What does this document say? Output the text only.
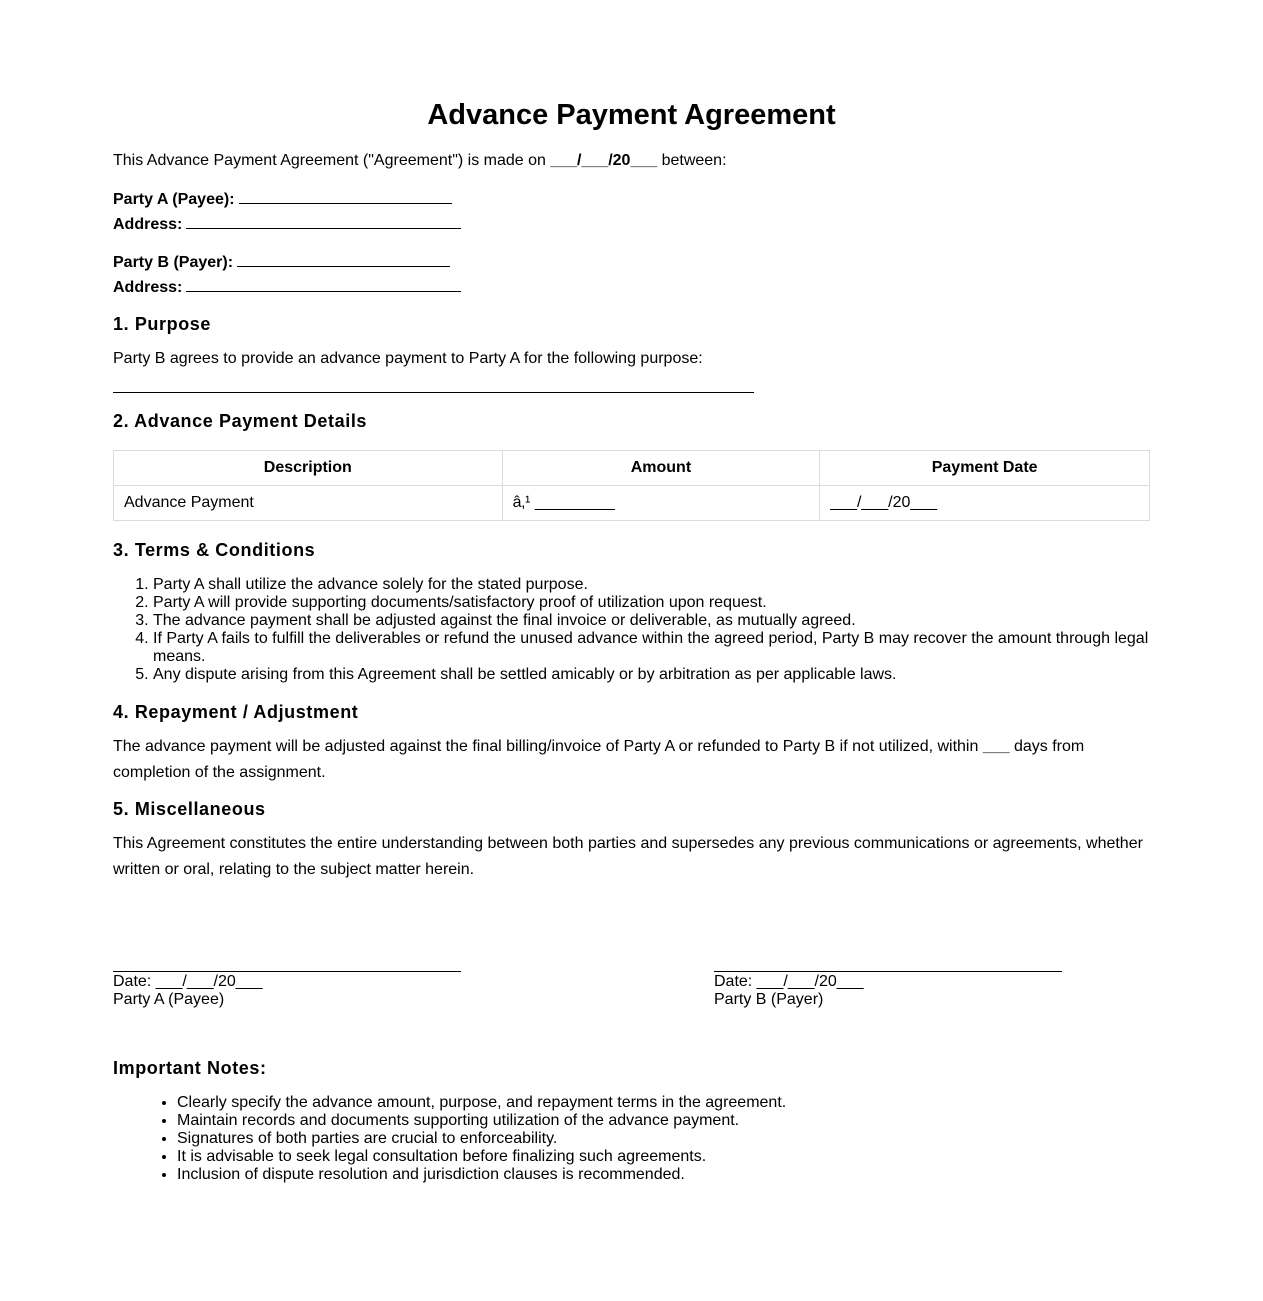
Advance Payment Agreement
This Advance Payment Agreement ("Agreement") is made on ___/___/20___ between:
Party A (Payee):
Address:
Party B (Payer):
Address:
1. Purpose

Party B agrees to provide an advance payment to Party A for the following purpose:

2. Advance Payment Details
Description	Amount	Payment Date
Advance Payment	â‚¹ _________	___/___/20___
3. Terms & Conditions
1. Party A shall utilize the advance solely for the stated purpose.
2. Party A will provide supporting documents/satisfactory proof of utilization upon request.
3. The advance payment shall be adjusted against the final invoice or deliverable, as mutually agreed.
4. If Party A fails to fulfill the deliverables or refund the unused advance within the agreed period, Party B may recover the amount through legal means.
5. Any dispute arising from this Agreement shall be settled amicably or by arbitration as per applicable laws.
4. Repayment / Adjustment

The advance payment will be adjusted against the final billing/invoice of Party A or refunded to Party B if not utilized, within ___ days from completion of the assignment.

5. Miscellaneous

This Agreement constitutes the entire understanding between both parties and supersedes any previous communications or agreements, whether written or oral, relating to the subject matter herein.

Date: ___/___/20___
Party A (Payee)
Date: ___/___/20___
Party B (Payer)
Important Notes:
• Clearly specify the advance amount, purpose, and repayment terms in the agreement.
• Maintain records and documents supporting utilization of the advance payment.
• Signatures of both parties are crucial to enforceability.
• It is advisable to seek legal consultation before finalizing such agreements.
• Inclusion of dispute resolution and jurisdiction clauses is recommended.
